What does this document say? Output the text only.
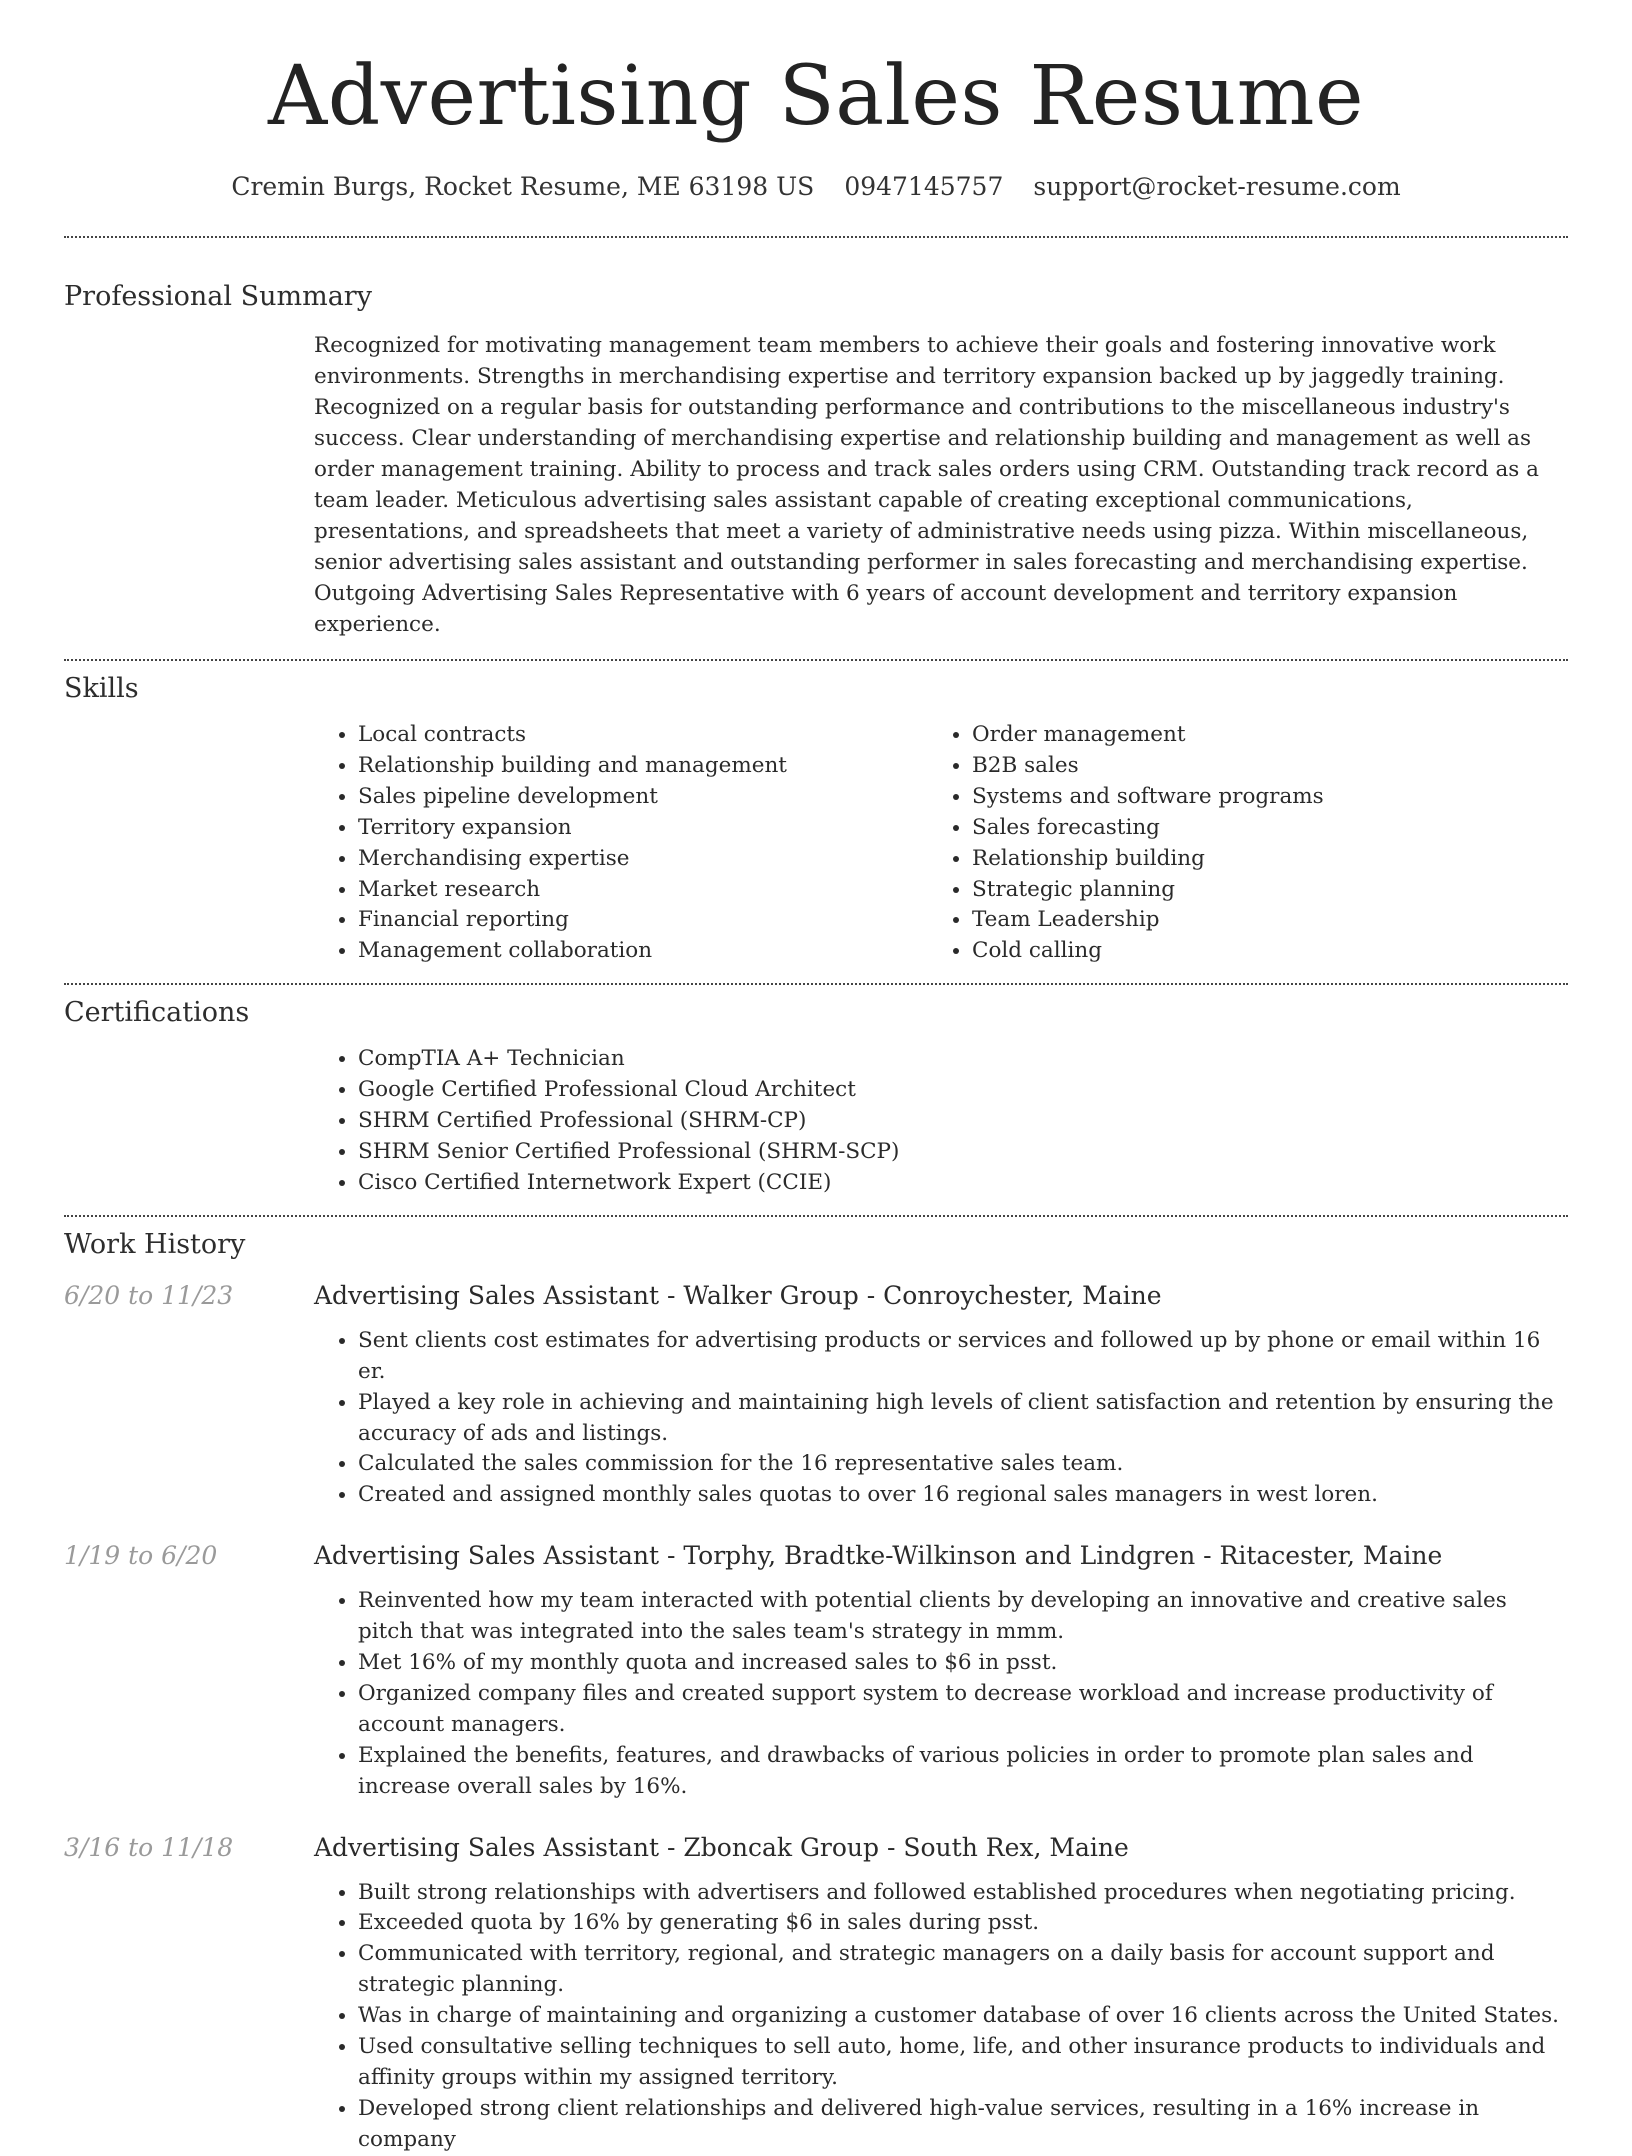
Advertising Sales Resume
Cremin Burgs, Rocket Resume, ME 63198 US 0947145757 support@rocket-resume.com
Professional Summary
Recognized for motivating management team members to achieve their goals and fostering innovative work environments. Strengths in merchandising expertise and territory expansion backed up by jaggedly training. Recognized on a regular basis for outstanding performance and contributions to the miscellaneous industry's success. Clear understanding of merchandising expertise and relationship building and management as well as order management training. Ability to process and track sales orders using CRM. Outstanding track record as a team leader. Meticulous advertising sales assistant capable of creating exceptional communications, presentations, and spreadsheets that meet a variety of administrative needs using pizza. Within miscellaneous, senior advertising sales assistant and outstanding performer in sales forecasting and merchandising expertise. Outgoing Advertising Sales Representative with 6 years of account development and territory expansion experience.
Skills
• Local contracts
• Relationship building and management
• Sales pipeline development
• Territory expansion
• Merchandising expertise
• Market research
• Financial reporting
• Management collaboration
• Order management
• B2B sales
• Systems and software programs
• Sales forecasting
• Relationship building
• Strategic planning
• Team Leadership
• Cold calling
Certifications
• CompTIA A+ Technician
• Google Certified Professional Cloud Architect
• SHRM Certified Professional (SHRM-CP)
• SHRM Senior Certified Professional (SHRM-SCP)
• Cisco Certified Internetwork Expert (CCIE)
Work History
6/20 to 11/23	Advertising Sales Assistant - Walker Group - Conroychester, Maine
• Sent clients cost estimates for advertising products or services and followed up by phone or email within 16 er.
• Played a key role in achieving and maintaining high levels of client satisfaction and retention by ensuring the accuracy of ads and listings.
• Calculated the sales commission for the 16 representative sales team.
• Created and assigned monthly sales quotas to over 16 regional sales managers in west loren.
1/19 to 6/20	Advertising Sales Assistant - Torphy, Bradtke-Wilkinson and Lindgren - Ritacester, Maine
• Reinvented how my team interacted with potential clients by developing an innovative and creative sales pitch that was integrated into the sales team's strategy in mmm.
• Met 16% of my monthly quota and increased sales to $6 in psst.
• Organized company files and created support system to decrease workload and increase productivity of account managers.
• Explained the benefits, features, and drawbacks of various policies in order to promote plan sales and increase overall sales by 16%.
3/16 to 11/18	Advertising Sales Assistant - Zboncak Group - South Rex, Maine
• Built strong relationships with advertisers and followed established procedures when negotiating pricing.
• Exceeded quota by 16% by generating $6 in sales during psst.
• Communicated with territory, regional, and strategic managers on a daily basis for account support and strategic planning.
• Was in charge of maintaining and organizing a customer database of over 16 clients across the United States.
• Used consultative selling techniques to sell auto, home, life, and other insurance products to individuals and affinity groups within my assigned territory.
• Developed strong client relationships and delivered high-value services, resulting in a 16% increase in company
